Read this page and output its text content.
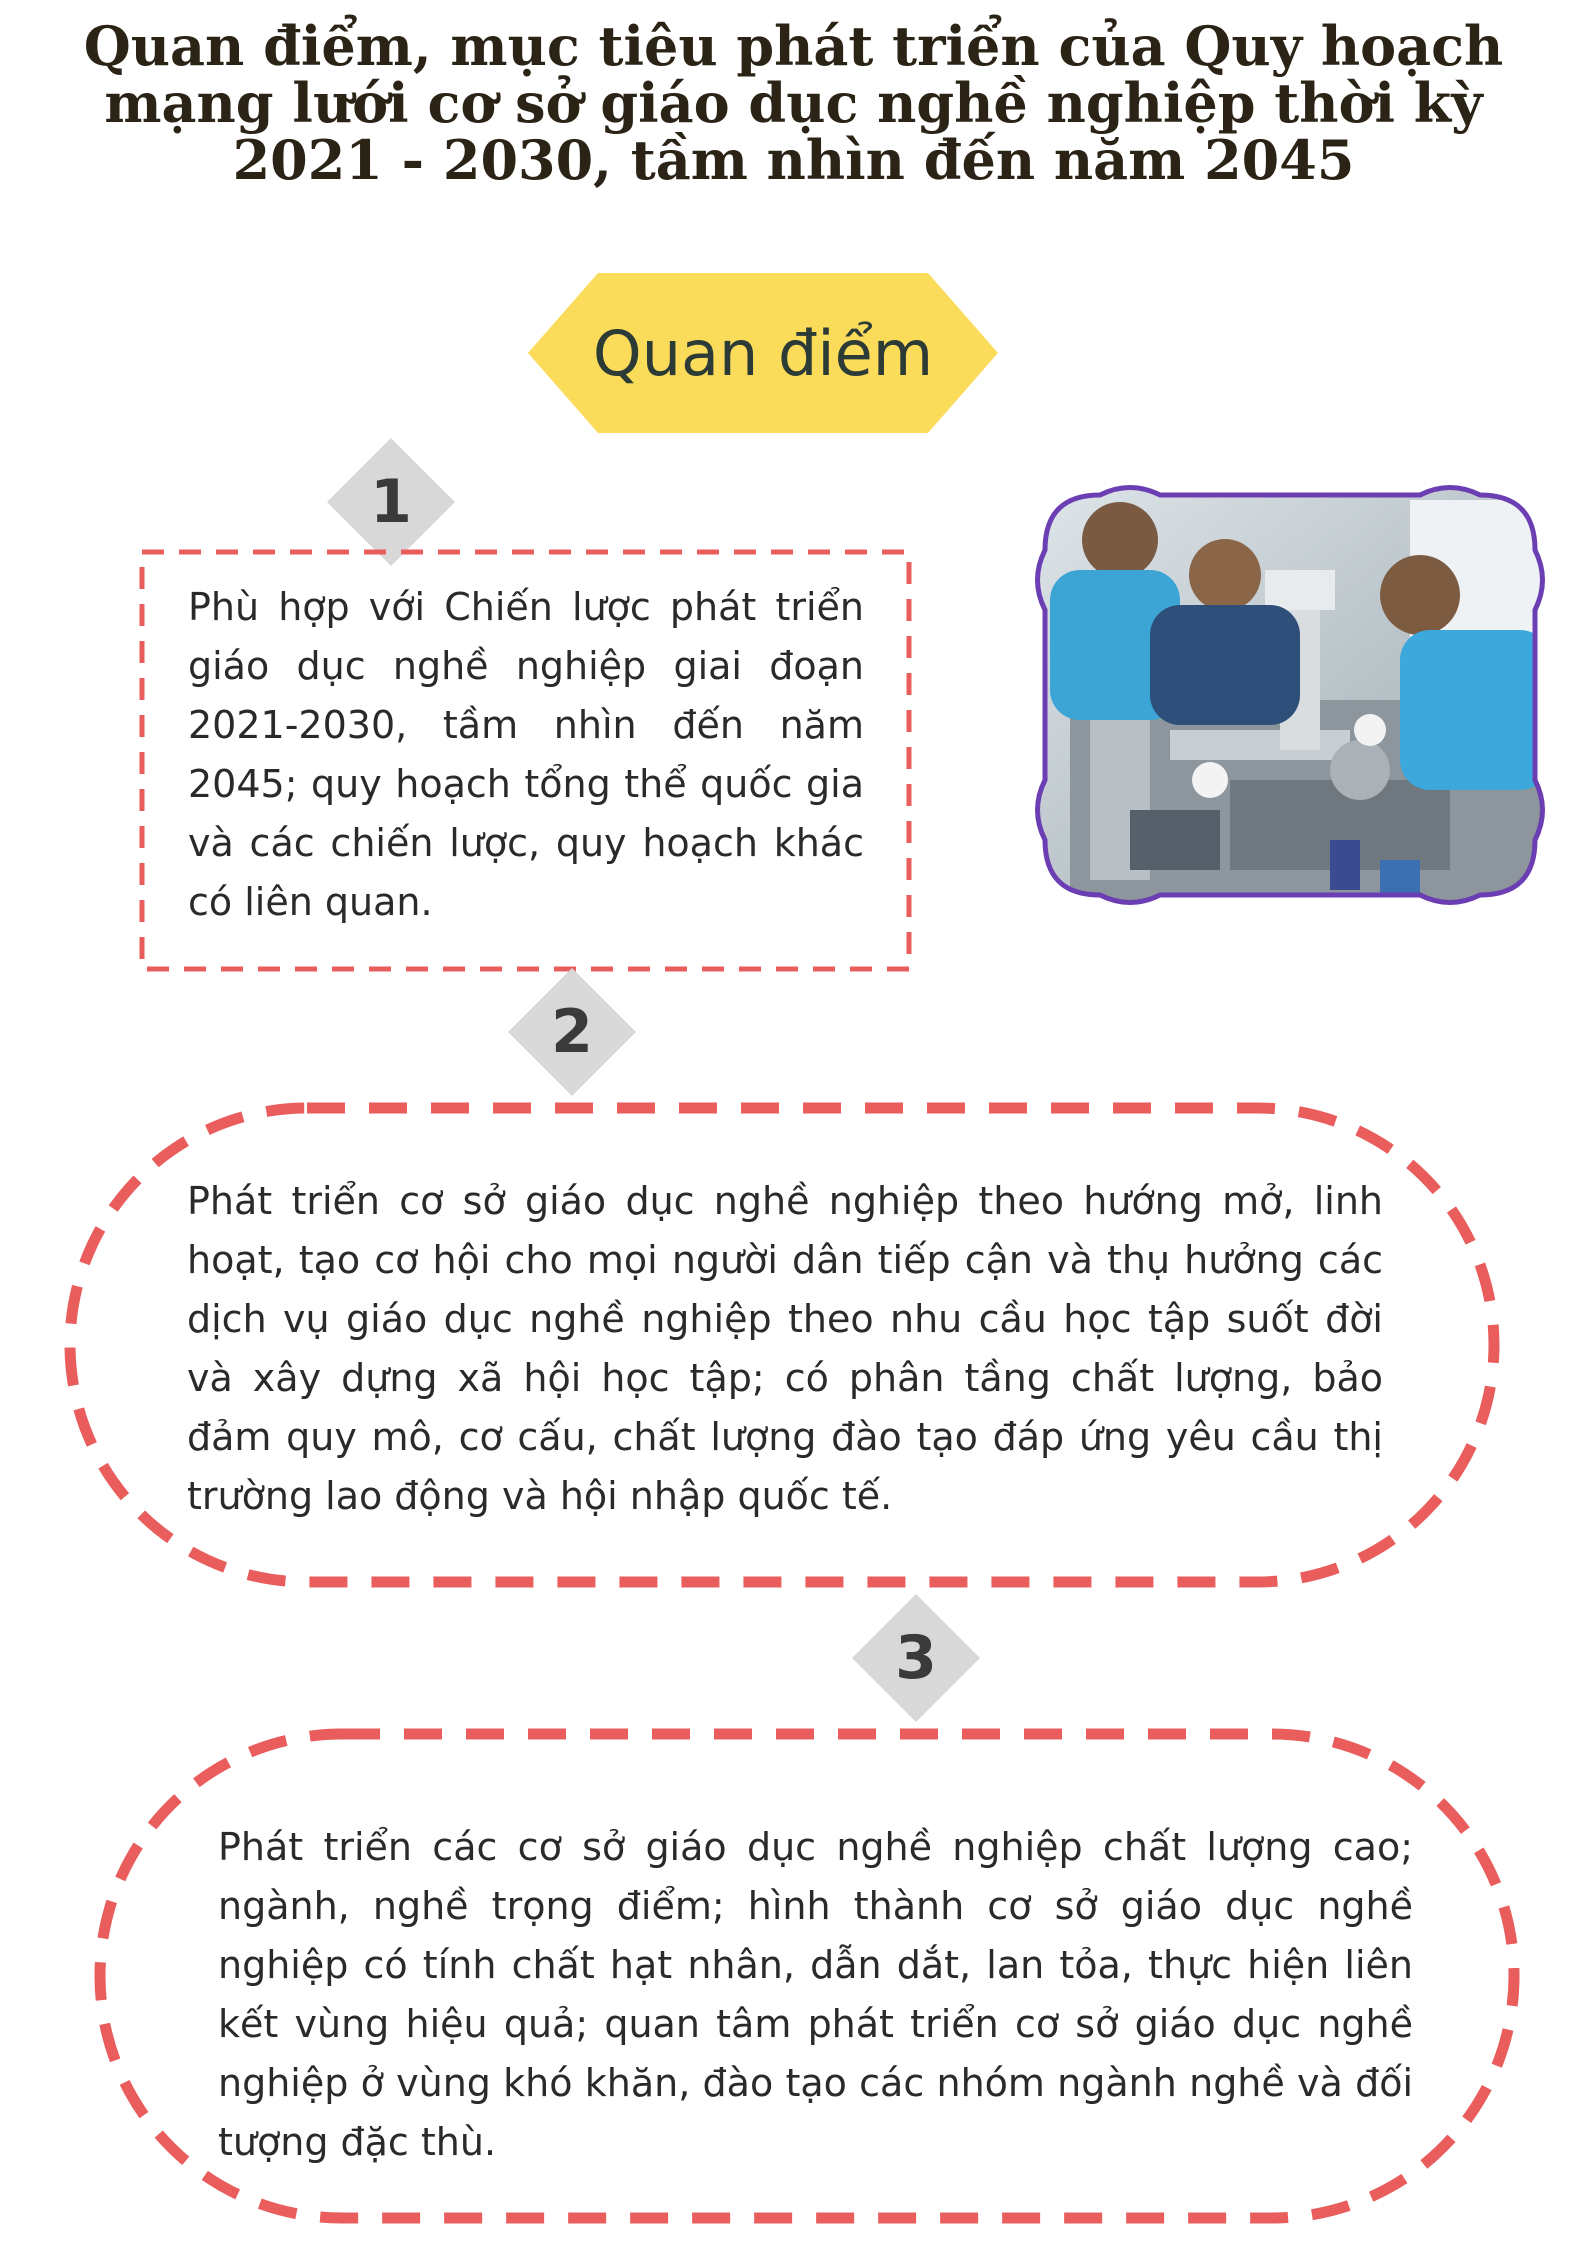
Quan điểm, mục tiêu phát triển của Quy hoạch mạng lưới cơ sở giáo dục nghề nghiệp thời kỳ 2021 - 2030, tầm nhìn đến năm 2045
Quan điểm
1

Phù hợp với Chiến lược phát triển giáo dục nghề nghiệp giai đoạn 2021-2030, tầm nhìn đến năm 2045; quy hoạch tổng thể quốc gia và các chiến lược, quy hoạch khác có liên quan.

2

Phát triển cơ sở giáo dục nghề nghiệp theo hướng mở, linh hoạt, tạo cơ hội cho mọi người dân tiếp cận và thụ hưởng các dịch vụ giáo dục nghề nghiệp theo nhu cầu học tập suốt đời và xây dựng xã hội học tập; có phân tầng chất lượng, bảo đảm quy mô, cơ cấu, chất lượng đào tạo đáp ứng yêu cầu thị trường lao động và hội nhập quốc tế.

3

Phát triển các cơ sở giáo dục nghề nghiệp chất lượng cao; ngành, nghề trọng điểm; hình thành cơ sở giáo dục nghề nghiệp có tính chất hạt nhân, dẫn dắt, lan tỏa, thực hiện liên kết vùng hiệu quả; quan tâm phát triển cơ sở giáo dục nghề nghiệp ở vùng khó khăn, đào tạo các nhóm ngành nghề và đối tượng đặc thù.
